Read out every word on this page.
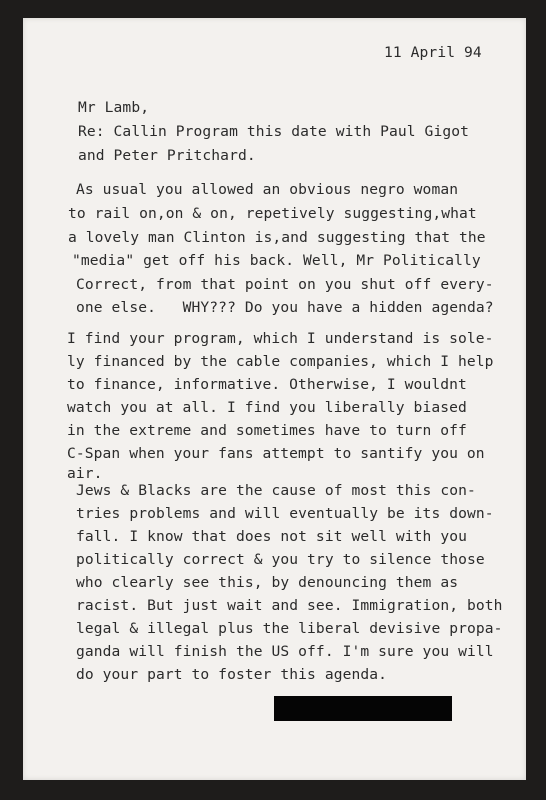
11 April 94
Mr Lamb,
Re: Callin Program this date with Paul Gigot
and Peter Pritchard.
As usual you allowed an obvious negro woman
to rail on,on & on, repetively suggesting,what
a lovely man Clinton is,and suggesting that the
"media" get off his back. Well, Mr Politically
Correct, from that point on you shut off every-
one else.   WHY??? Do you have a hidden agenda?
I find your program, which I understand is sole-
ly financed by the cable companies, which I help
to finance, informative. Otherwise, I wouldnt
watch you at all. I find you liberally biased
in the extreme and sometimes have to turn off
C-Span when your fans attempt to santify you on
air.
Jews & Blacks are the cause of most this con-
tries problems and will eventually be its down-
fall. I know that does not sit well with you
politically correct & you try to silence those
who clearly see this, by denouncing them as
racist. But just wait and see. Immigration, both
legal & illegal plus the liberal devisive propa-
ganda will finish the US off. I'm sure you will
do your part to foster this agenda.
